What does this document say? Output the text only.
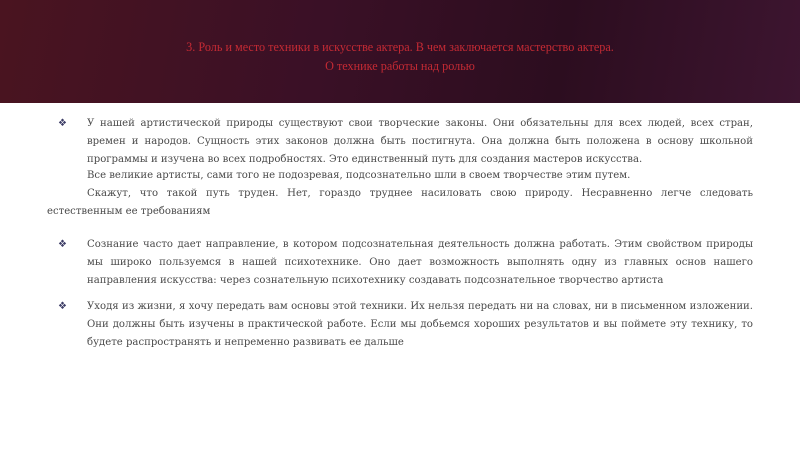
3. Роль и место техники в искусстве актера. В чем заключается мастерство актера.
О технике работы над ролью
❖ У нашей артистической природы существуют свои творческие законы. Они обязательны для всех людей, всех стран, времен и народов. Сущность этих законов должна быть постигнута. Она должна быть положена в основу школьной программы и изучена во всех подробностях. Это единственный путь для создания мастеров искусства.
Все великие артисты, сами того не подозревая, подсознательно шли в своем творчестве этим путем.
Скажут, что такой путь труден. Нет, гораздо труднее насиловать свою природу. Несравненно легче следовать
естественным ее требованиям
❖ Сознание часто дает направление, в котором подсознательная деятельность должна работать. Этим свойством природы мы широко пользуемся в нашей психотехнике. Оно дает возможность выполнять одну из главных основ нашего направления искусства: через сознательную психотехнику создавать подсознательное творчество артиста
❖ Уходя из жизни, я хочу передать вам основы этой техники. Их нельзя передать ни на словах, ни в письменном изложении. Они должны быть изучены в практической работе. Если мы добьемся хороших результатов и вы поймете эту технику, то будете распространять и непременно развивать ее дальше
